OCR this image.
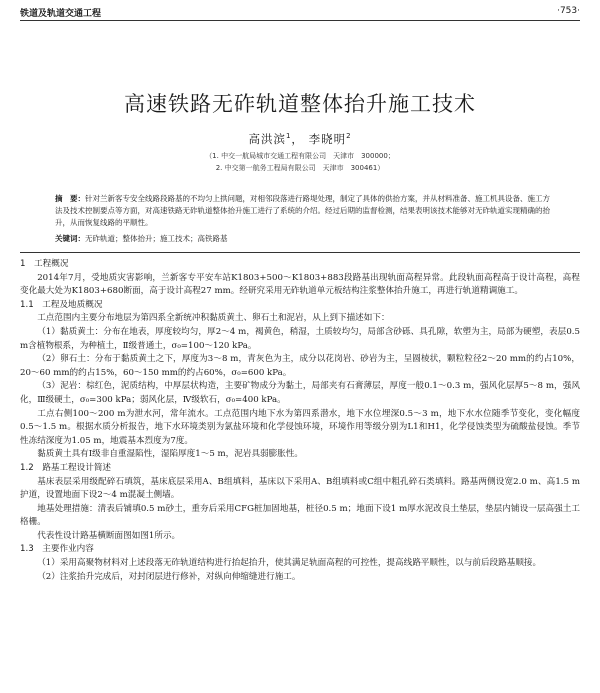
铁道及轨道交通工程	·753·
高速铁路无砟轨道整体抬升施工技术
高洪滨$^1$， 李晓明$^2$
（1. 中交一航局城市交通工程有限公司　天津市　300000；
2. 中交第一航务工程局有限公司　天津市　300461）
摘　要：针对兰新客专安全线路段路基的不均匀上拱问题，对相邻段落进行路堤处理，制定了具体的供抬方案，并从材料准备、施工机具设备、施工方法及技术控制要点等方面，对高速铁路无砟轨道整体抬升施工进行了系统的介绍。经过后期的监督检测，结果表明该技术能够对无砟轨道实现精确的抬升，从而恢复线路的平顺性。
关键词：无砟轨道；整体抬升；施工技术；高铁路基
1　工程概况

2014年7月，受地质灾害影响，兰新客专平安车站K1803+500～K1803+883段路基出现轨面高程异常。此段轨面高程高于设计高程，高程变化最大处为K1803+680断面，高于设计高程27 mm。经研究采用无砟轨道单元板结构注浆整体抬升施工，再进行轨道精调施工。

1.1　工程及地质概况

工点范围内主要分布地层为第四系全新统冲积黏质黄土、卵石土和泥岩，从上到下描述如下：

（1）黏质黄土：分布在地表，厚度较均匀，厚2～4 m，褐黄色，稍湿，土质较均匀，局部含砂砾、具孔隙，软塑为主，局部为硬塑，表层0.5 m含植物根系，为种植土，Ⅱ级普通土，σ₀=100～120 kPa。

（2）卵石土：分布于黏质黄土之下，厚度为3～8 m，青灰色为主，成分以花岗岩、砂岩为主，呈圆棱状，颗粒粒径2～20 mm的约占10%，20～60 mm的约占15%，60～150 mm的约占60%，σ₀=600 kPa。

（3）泥岩：棕红色，泥质结构，中厚层状构造，主要矿物成分为黏土，局部夹有石膏薄层，厚度一般0.1～0.3 m，强风化层厚5～8 m，强风化，Ⅲ级硬土，σ₀=300 kPa；弱风化层，Ⅳ级软石，σ₀=400 kPa。

工点右侧100～200 m为泄水河，常年流水。工点范围内地下水为第四系潜水，地下水位埋深0.5～3 m，地下水水位随季节变化，变化幅度0.5～1.5 m。根据水质分析报告，地下水环境类别为氯盐环境和化学侵蚀环境，环境作用等级分别为L1和H1，化学侵蚀类型为硫酸盐侵蚀。季节性冻结深度为1.05 m，地震基本烈度为7度。

黏质黄土具有Ⅰ级非自重湿陷性，湿陷厚度1～5 m，泥岩具弱膨胀性。

1.2　路基工程设计简述

基床表层采用级配碎石填筑，基床底层采用A、B组填料，基床以下采用A、B组填料或C组中粗孔碎石类填料。路基两侧设宽2.0 m、高1.5 m护道，设置地面下设2～4 m混凝土侧墙。

地基处理措施：清表后铺填0.5 m砂土，重夯后采用CFG桩加固地基，桩径0.5 m；地面下设1 m厚水泥改良土垫层，垫层内铺设一层高强土工格栅。

代表性设计路基横断面图如图1所示。

1.3　主要作业内容

（1）采用高聚物材料对上述段落无砟轨道结构进行抬起抬升，使其满足轨面高程的可控性，提高线路平顺性，以与前后段路基顺接。

（2）注浆抬升完成后，对封闭层进行修补，对纵向伸缩缝进行施工。
